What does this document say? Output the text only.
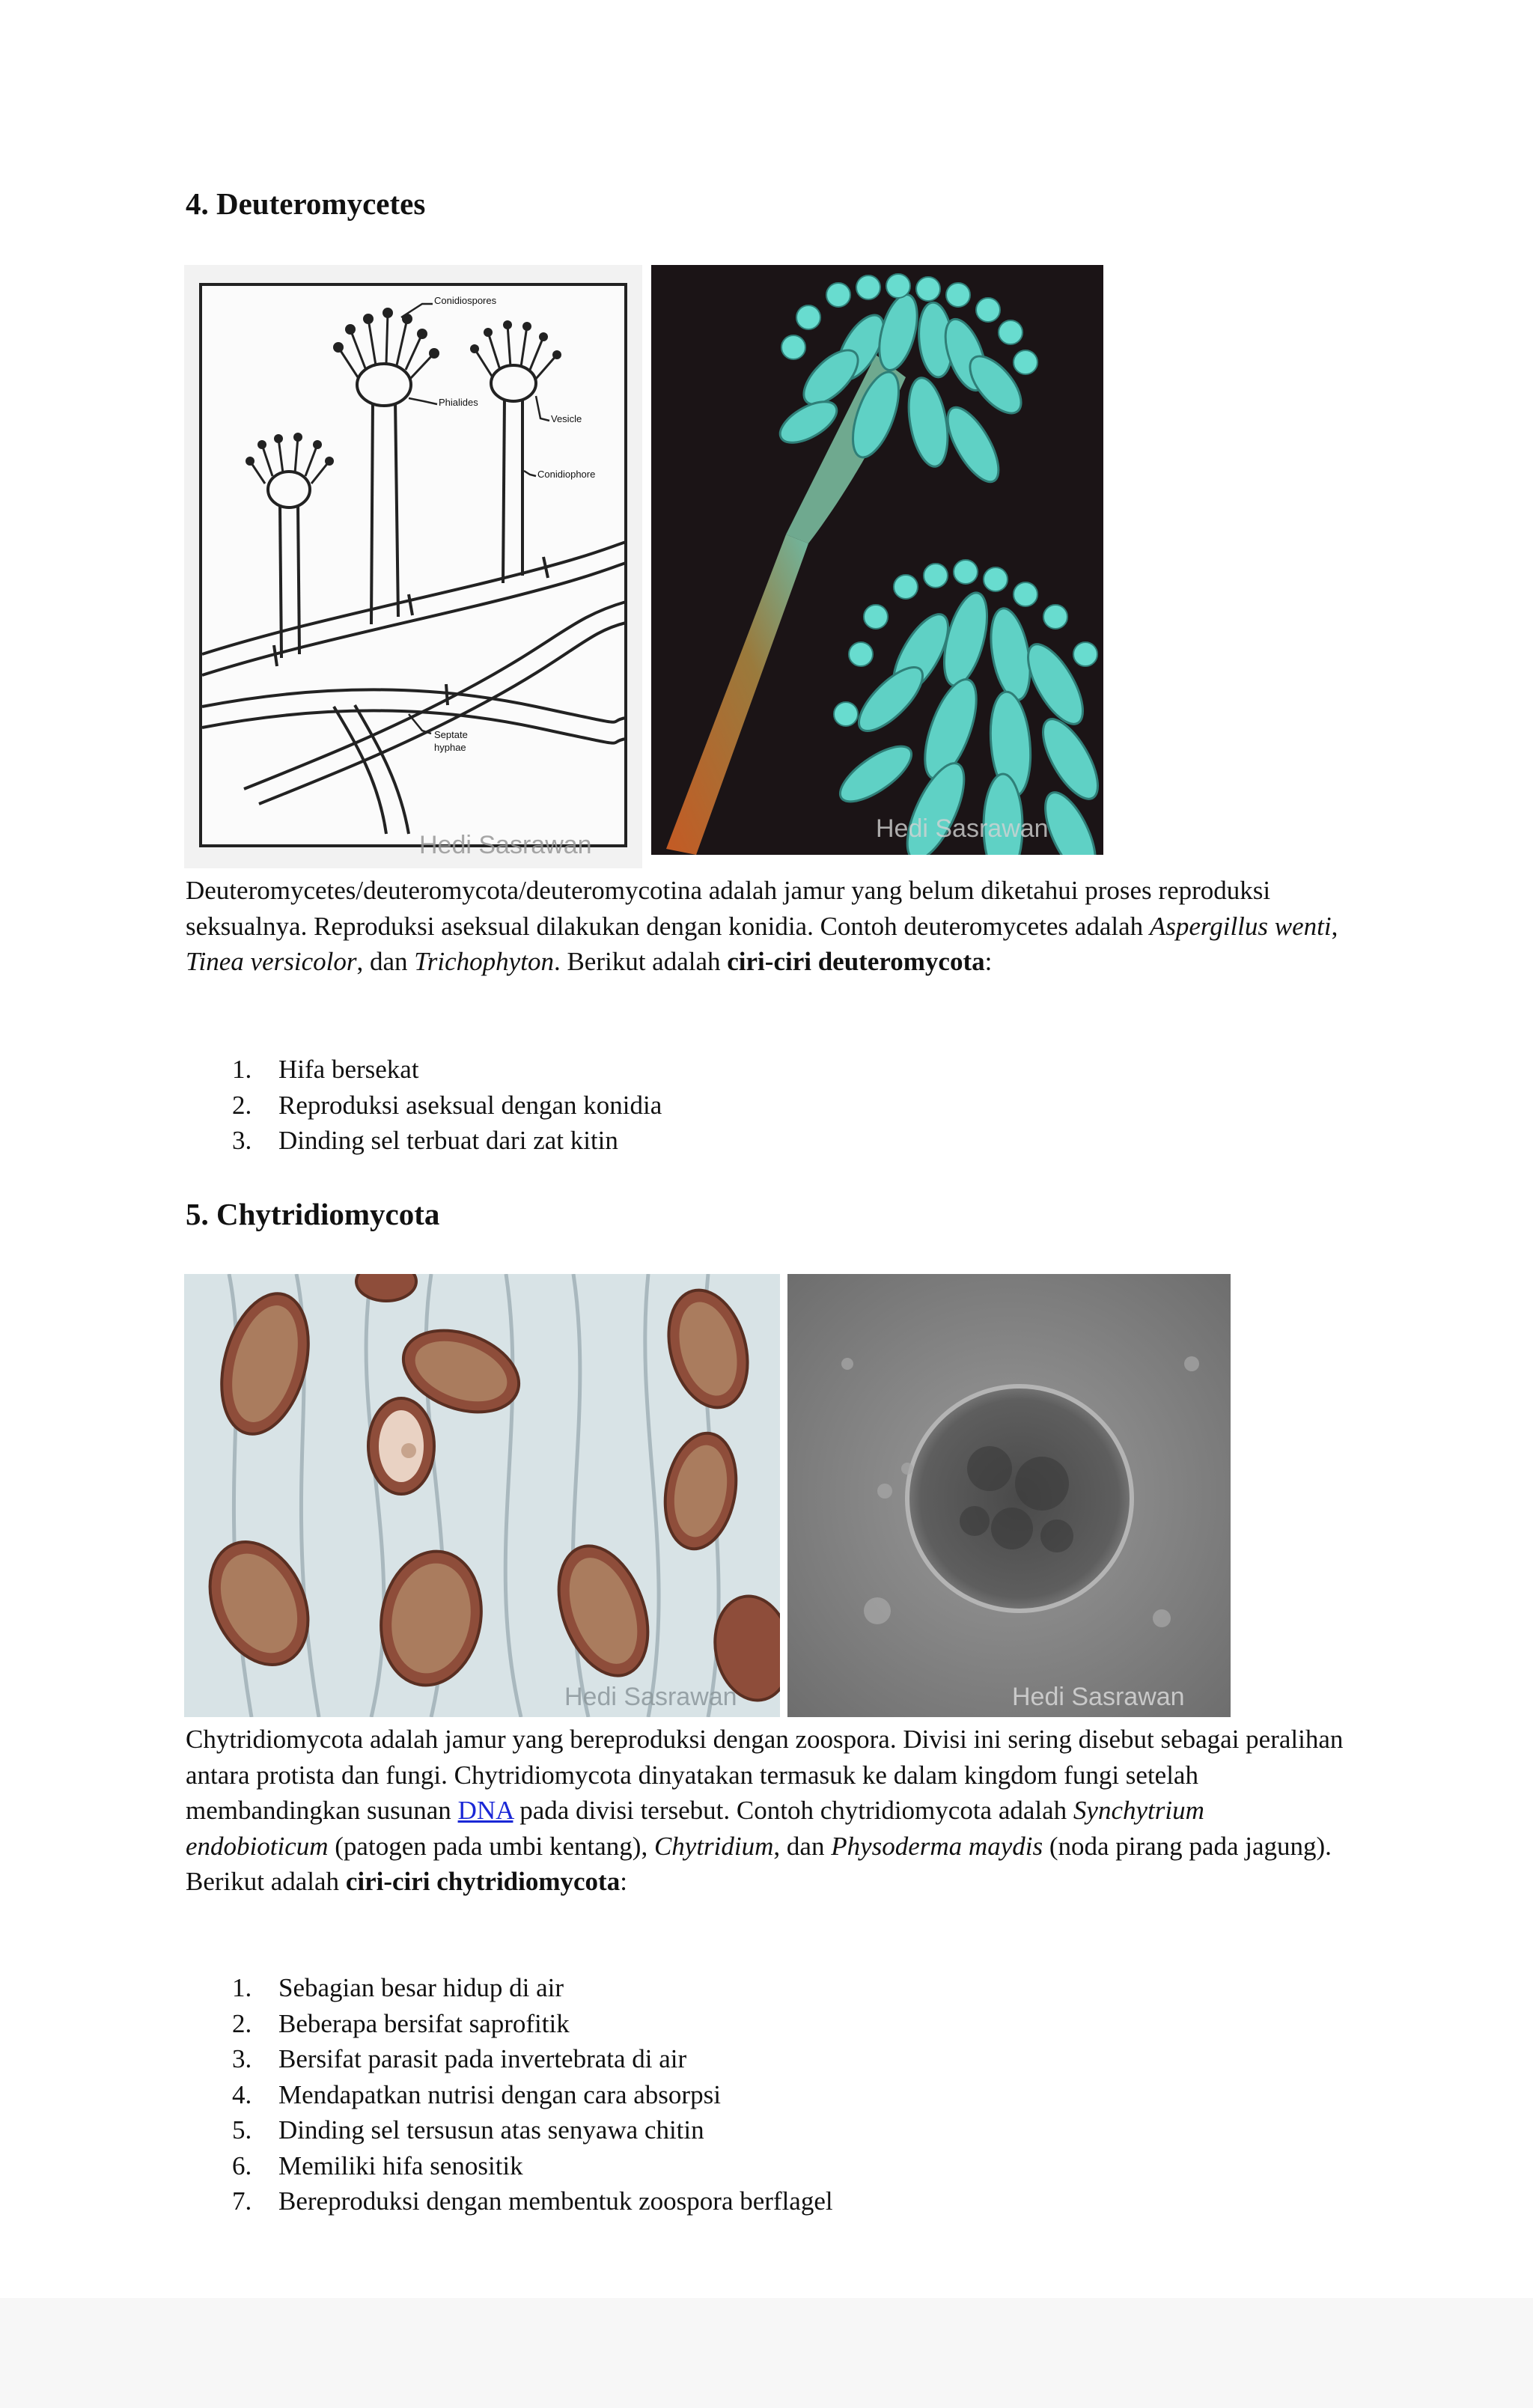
4. Deuteromycetes
Conidiospores
Phialides
Vesicle
Conidiophore
Septate
hyphae
Hedi Sasrawan
Hedi Sasrawan

Deuteromycetes/deuteromycota/deuteromycotina adalah jamur yang belum diketahui proses reproduksi seksualnya. Reproduksi aseksual dilakukan dengan konidia. Contoh deuteromycetes adalah Aspergillus wenti, Tinea versicolor, dan Trichophyton. Berikut adalah ciri-ciri deuteromycota:

1.	Hifa bersekat
2.	Reproduksi aseksual dengan konidia
3.	Dinding sel terbuat dari zat kitin
5. Chytridiomycota
Hedi Sasrawan	Hedi Sasrawan

Chytridiomycota adalah jamur yang bereproduksi dengan zoospora. Divisi ini sering disebut sebagai peralihan antara protista dan fungi. Chytridiomycota dinyatakan termasuk ke dalam kingdom fungi setelah membandingkan susunan DNA pada divisi tersebut. Contoh chytridiomycota adalah Synchytrium endobioticum (patogen pada umbi kentang), Chytridium, dan Physoderma maydis (noda pirang pada jagung). Berikut adalah ciri-ciri chytridiomycota:

1.	Sebagian besar hidup di air
2.	Beberapa bersifat saprofitik
3.	Bersifat parasit pada invertebrata di air
4.	Mendapatkan nutrisi dengan cara absorpsi
5.	Dinding sel tersusun atas senyawa chitin
6.	Memiliki hifa senositik
7.	Bereproduksi dengan membentuk zoospora berflagel
